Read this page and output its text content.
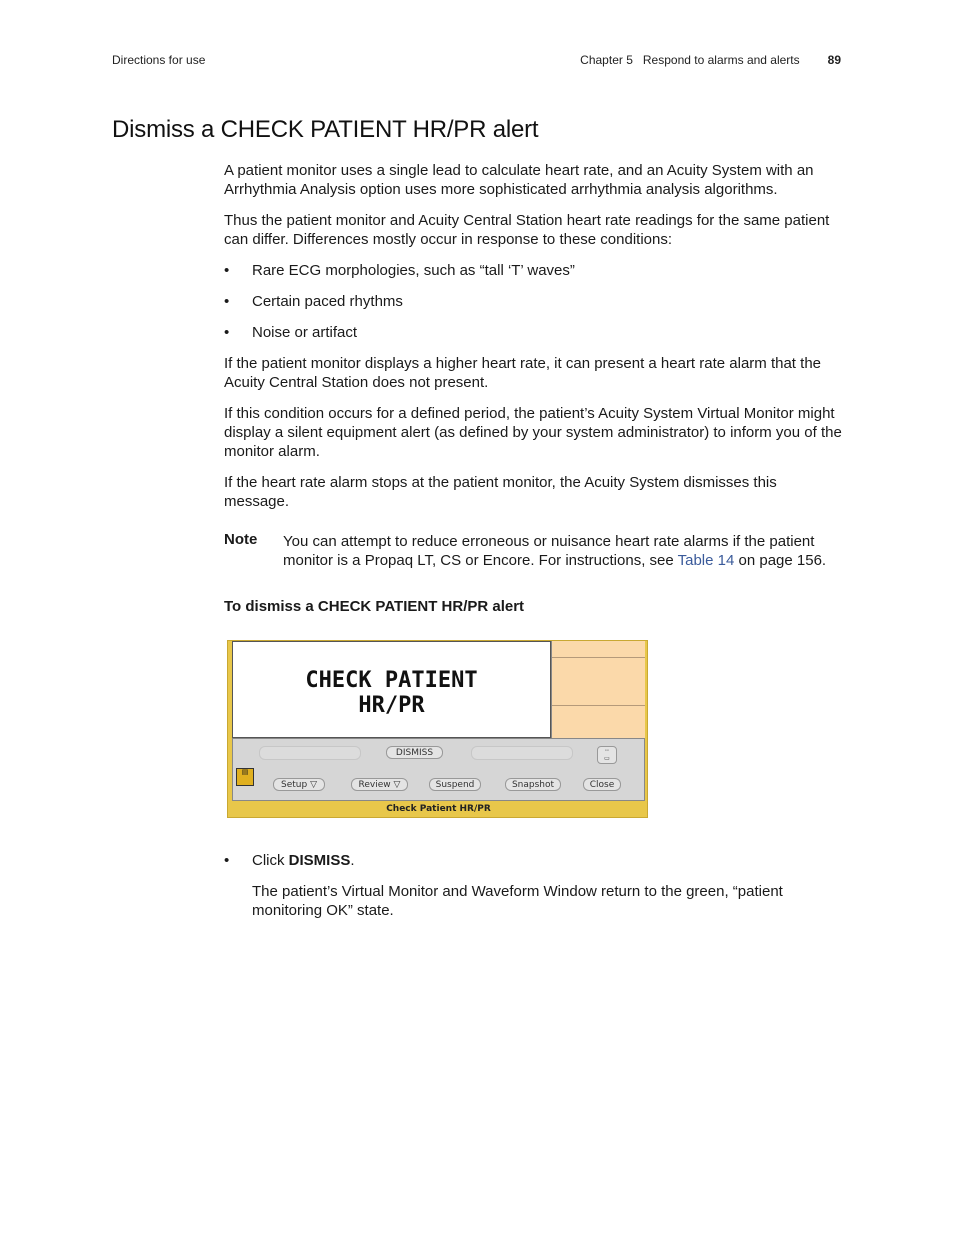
Directions for use	Chapter 5 Respond to alarms and alerts 89
Dismiss a CHECK PATIENT HR/PR alert

A patient monitor uses a single lead to calculate heart rate, and an Acuity System with an Arrhythmia Analysis option uses more sophisticated arrhythmia analysis algorithms.

Thus the patient monitor and Acuity Central Station heart rate readings for the same patient can differ. Differences mostly occur in response to these conditions:

•	Rare ECG morphologies, such as “tall ‘T’ waves”
•	Certain paced rhythms
•	Noise or artifact

If the patient monitor displays a higher heart rate, it can present a heart rate alarm that the Acuity Central Station does not present.

If this condition occurs for a defined period, the patient’s Acuity System Virtual Monitor might display a silent equipment alert (as defined by your system administrator) to inform you of the monitor alarm.

If the heart rate alarm stops at the patient monitor, the Acuity System dismisses this message.

Note	You can attempt to reduce erroneous or nuisance heart rate alarms if the patient monitor is a Propaq LT, CS or Encore. For instructions, see Table 14 on page 156.
To dismiss a CHECK PATIENT HR/PR alert
CHECK PATIENT
HR/PR
DISMISS	◦◦
▭
▤
Setup ▽	Review ▽	Suspend	Snapshot	Close
Check Patient HR/PR
•	Click DISMISS.
The patient’s Virtual Monitor and Waveform Window return to the green, “patient monitoring OK” state.
